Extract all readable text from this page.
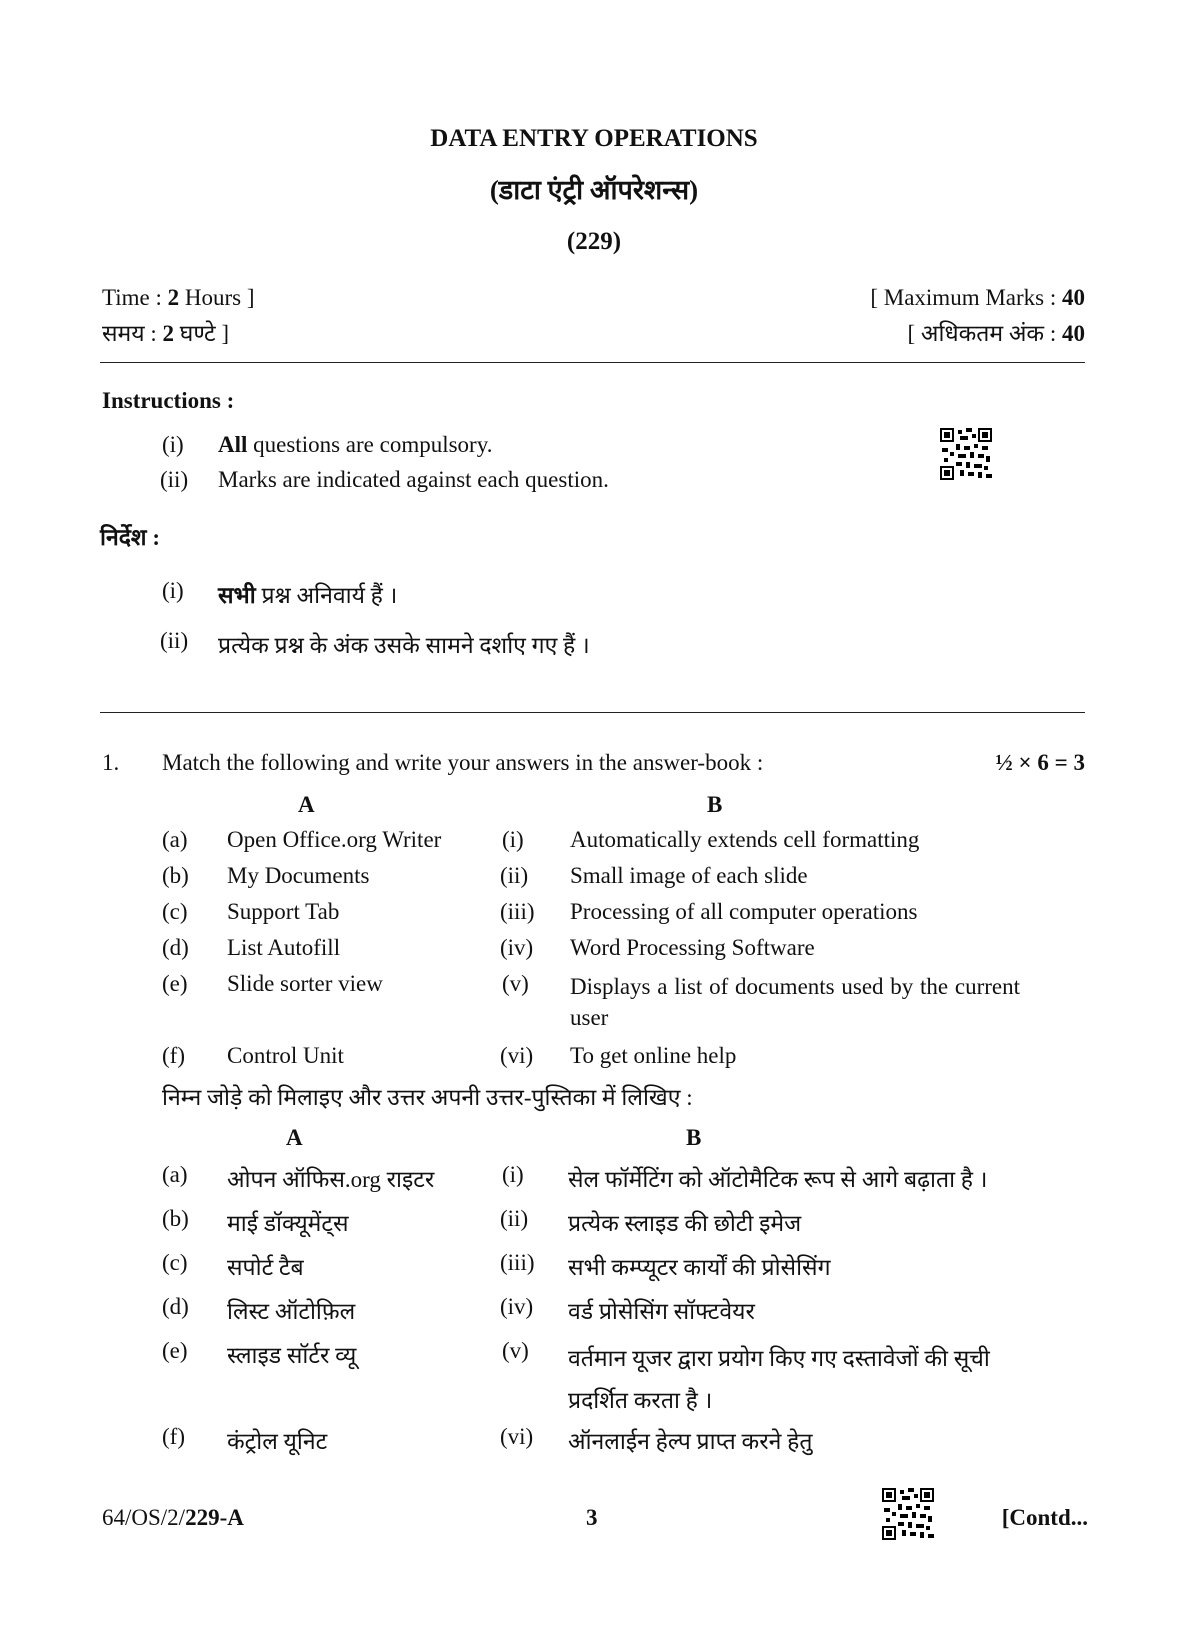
DATA ENTRY OPERATIONS
(डाटा एंट्री ऑपरेशन्स)
(229)
Time : 2 Hours ]
समय : 2 घण्टे ]
[ Maximum Marks : 40
[ अधिकतम अंक : 40
Instructions :
(i) All questions are compulsory.
(ii) Marks are indicated against each question.
निर्देश :
(i) सभी प्रश्न अनिवार्य हैं ।
(ii) प्रत्येक प्रश्न के अंक उसके सामने दर्शाए गए हैं ।
1. Match the following and write your answers in the answer-book :	½ × 6 = 3
A	B
(a) Open Office.org Writer	(i) Automatically extends cell formatting
(b) My Documents	(ii) Small image of each slide
(c) Support Tab	(iii) Processing of all computer operations
(d) List Autofill	(iv) Word Processing Software
(e) Slide sorter view	(v) Displays a list of documents used by the current user
(f) Control Unit	(vi) To get online help
निम्न जोड़े को मिलाइए और उत्तर अपनी उत्तर-पुस्तिका में लिखिए :
A	B
(a) ओपन ऑफिस.org राइटर	(i) सेल फॉर्मेटिंग को ऑटोमैटिक रूप से आगे बढ़ाता है ।
(b) माई डॉक्यूमेंट्स	(ii) प्रत्येक स्लाइड की छोटी इमेज
(c) सपोर्ट टैब	(iii) सभी कम्प्यूटर कार्यों की प्रोसेसिंग
(d) लिस्ट ऑटोफ़िल	(iv) वर्ड प्रोसेसिंग सॉफ्टवेयर
(e) स्लाइड सॉर्टर व्यू	(v) वर्तमान यूजर द्वारा प्रयोग किए गए दस्तावेजों की सूची प्रदर्शित करता है ।
(f) कंट्रोल यूनिट	(vi) ऑनलाईन हेल्प प्राप्त करने हेतु
64/OS/2/229-A	3	[Contd...
